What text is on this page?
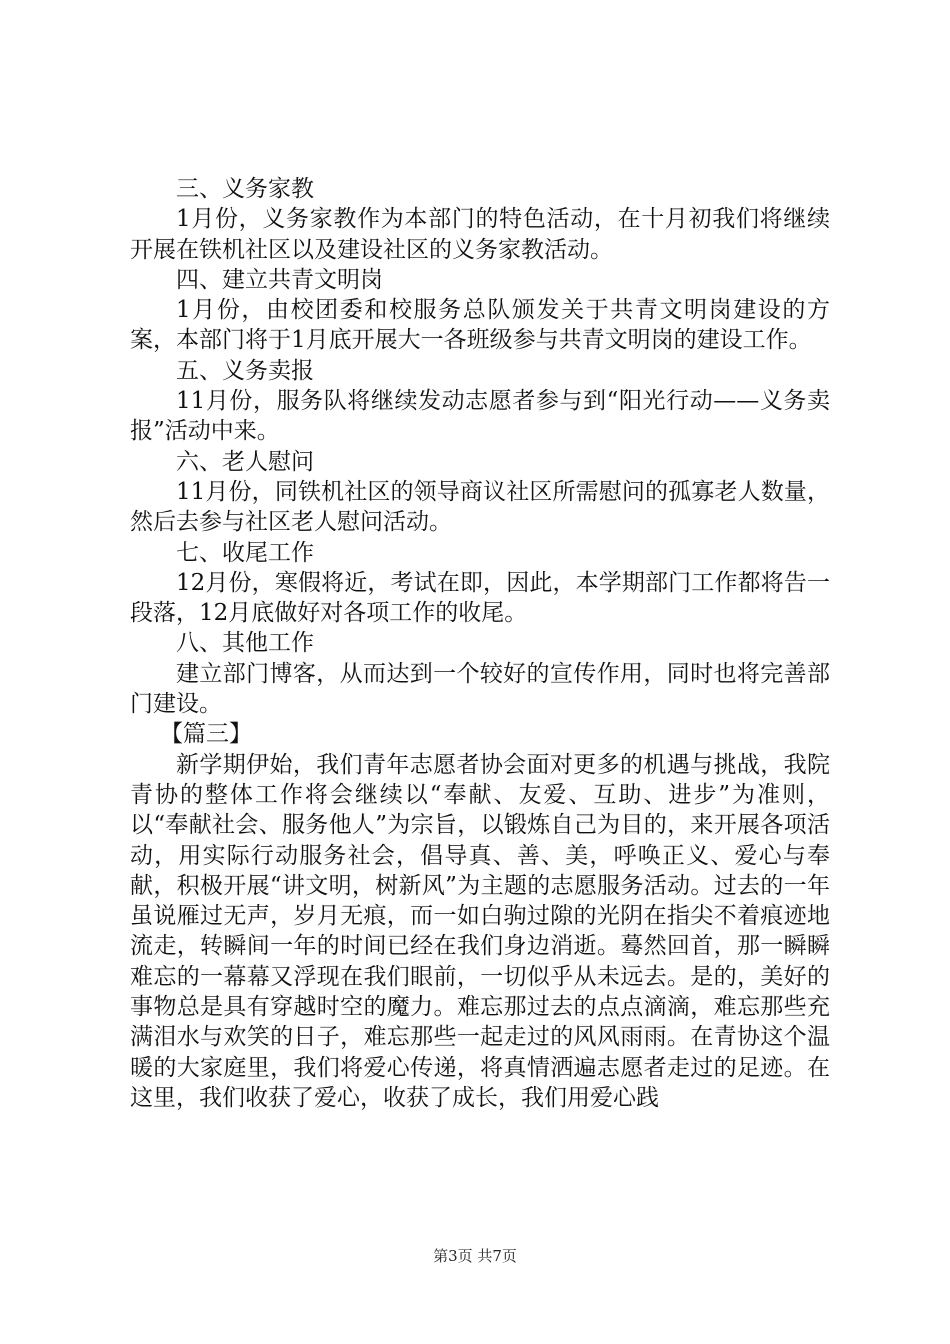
三、义务家教

1月份，义务家教作为本部门的特色活动，在十月初我们将继续开展在铁机社区以及建设社区的义务家教活动。

四、建立共青文明岗

1月份，由校团委和校服务总队颁发关于共青文明岗建设的方案，本部门将于1月底开展大一各班级参与共青文明岗的建设工作。

五、义务卖报

11月份，服务队将继续发动志愿者参与到“阳光行动——义务卖报”活动中来。

六、老人慰问

11月份，同铁机社区的领导商议社区所需慰问的孤寡老人数量，然后去参与社区老人慰问活动。

七、收尾工作

12月份，寒假将近，考试在即，因此，本学期部门工作都将告一段落，12月底做好对各项工作的收尾。

八、其他工作

建立部门博客，从而达到一个较好的宣传作用，同时也将完善部门建设。

【篇三】

新学期伊始，我们青年志愿者协会面对更多的机遇与挑战，我院青协的整体工作将会继续以“奉献、友爱、互助、进步”为准则，以“奉献社会、服务他人”为宗旨，以锻炼自己为目的，来开展各项活动，用实际行动服务社会，倡导真、善、美，呼唤正义、爱心与奉献，积极开展“讲文明，树新风”为主题的志愿服务活动。过去的一年虽说雁过无声，岁月无痕，而一如白驹过隙的光阴在指尖不着痕迹地流走，转瞬间一年的时间已经在我们身边消逝。蓦然回首，那一瞬瞬难忘的一幕幕又浮现在我们眼前，一切似乎从未远去。是的，美好的事物总是具有穿越时空的魔力。难忘那过去的点点滴滴，难忘那些充满泪水与欢笑的日子，难忘那些一起走过的风风雨雨。在青协这个温暖的大家庭里，我们将爱心传递，将真情洒遍志愿者走过的足迹。在这里，我们收获了爱心，收获了成长，我们用爱心践

第3页 共7页
